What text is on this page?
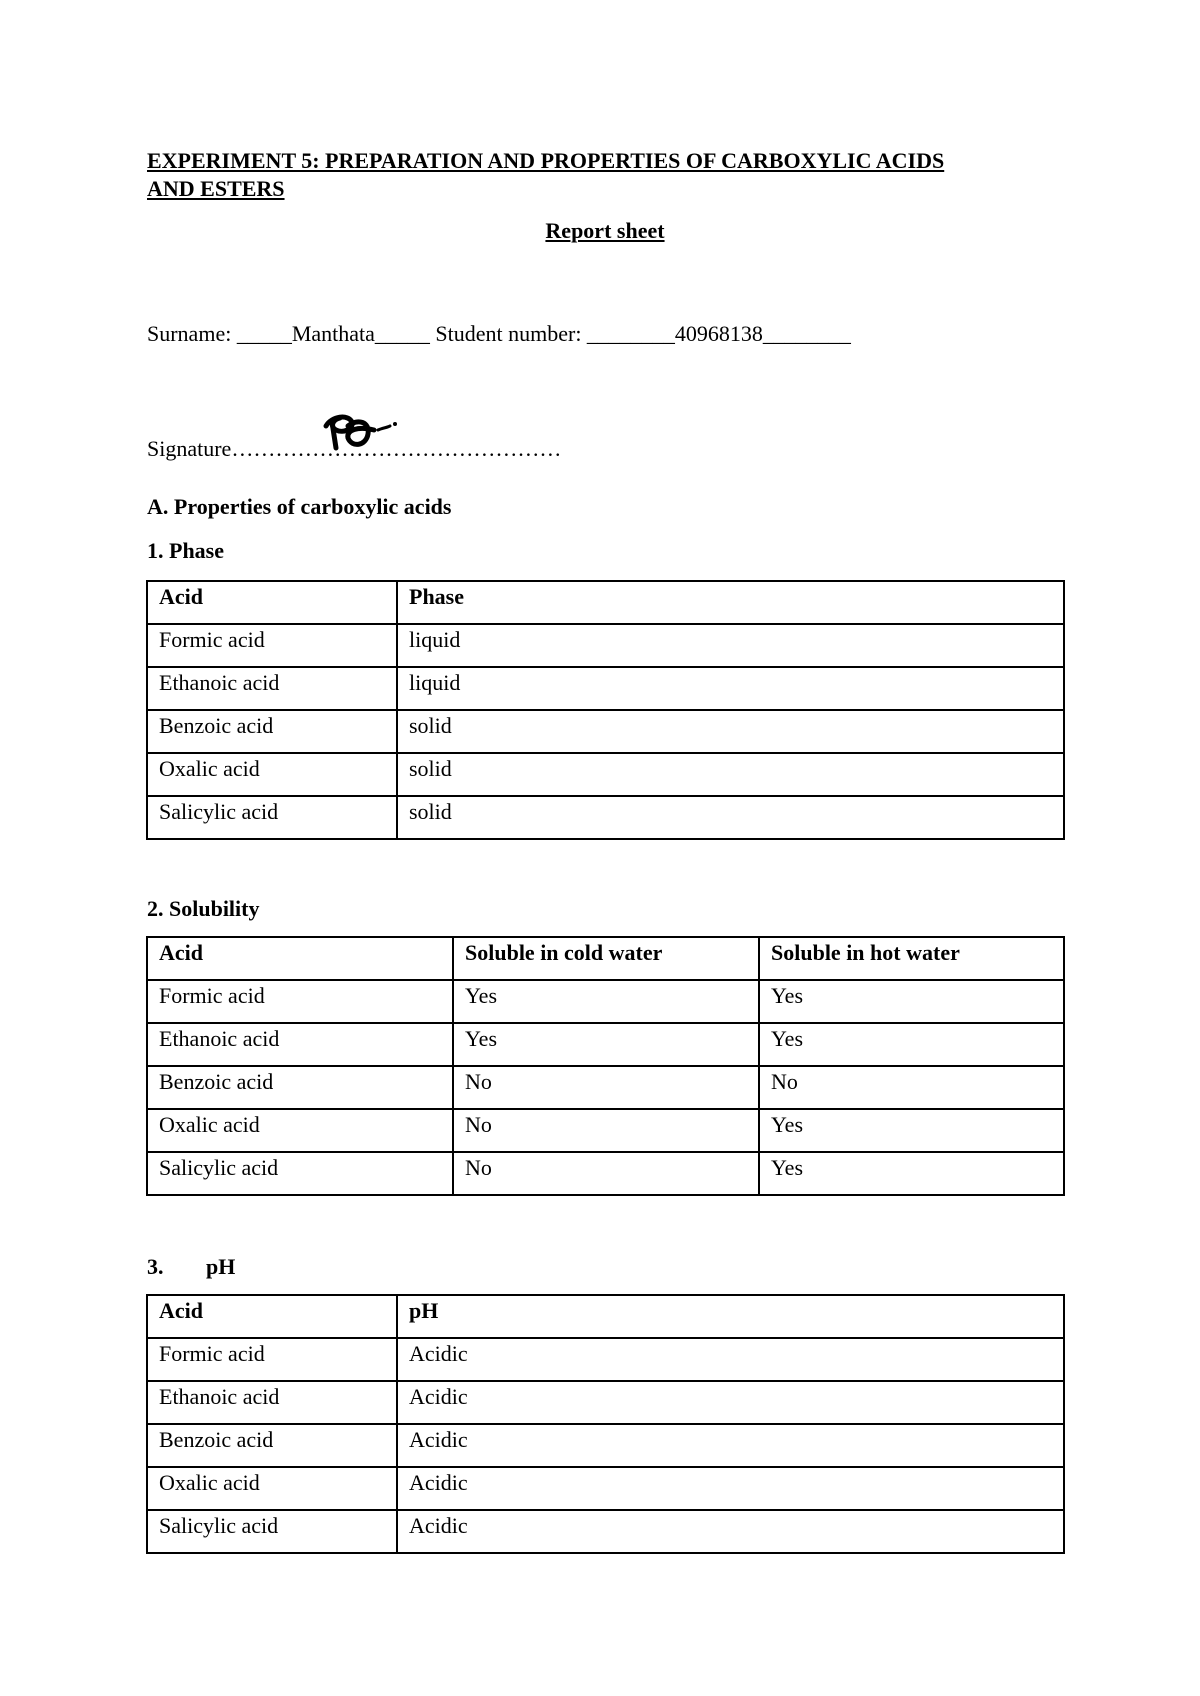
EXPERIMENT 5: PREPARATION AND PROPERTIES OF CARBOXYLIC ACIDS
AND ESTERS
Report sheet
Surname: _____Manthata_____ Student number: ________40968138________
Signature………………………………………
A. Properties of carboxylic acids
1. Phase
Acid	Phase
Formic acid	liquid
Ethanoic acid	liquid
Benzoic acid	solid
Oxalic acid	solid
Salicylic acid	solid
2. Solubility
Acid	Soluble in cold water	Soluble in hot water
Formic acid	Yes	Yes
Ethanoic acid	Yes	Yes
Benzoic acid	No	No
Oxalic acid	No	Yes
Salicylic acid	No	Yes
3. pH
Acid	pH
Formic acid	Acidic
Ethanoic acid	Acidic
Benzoic acid	Acidic
Oxalic acid	Acidic
Salicylic acid	Acidic
